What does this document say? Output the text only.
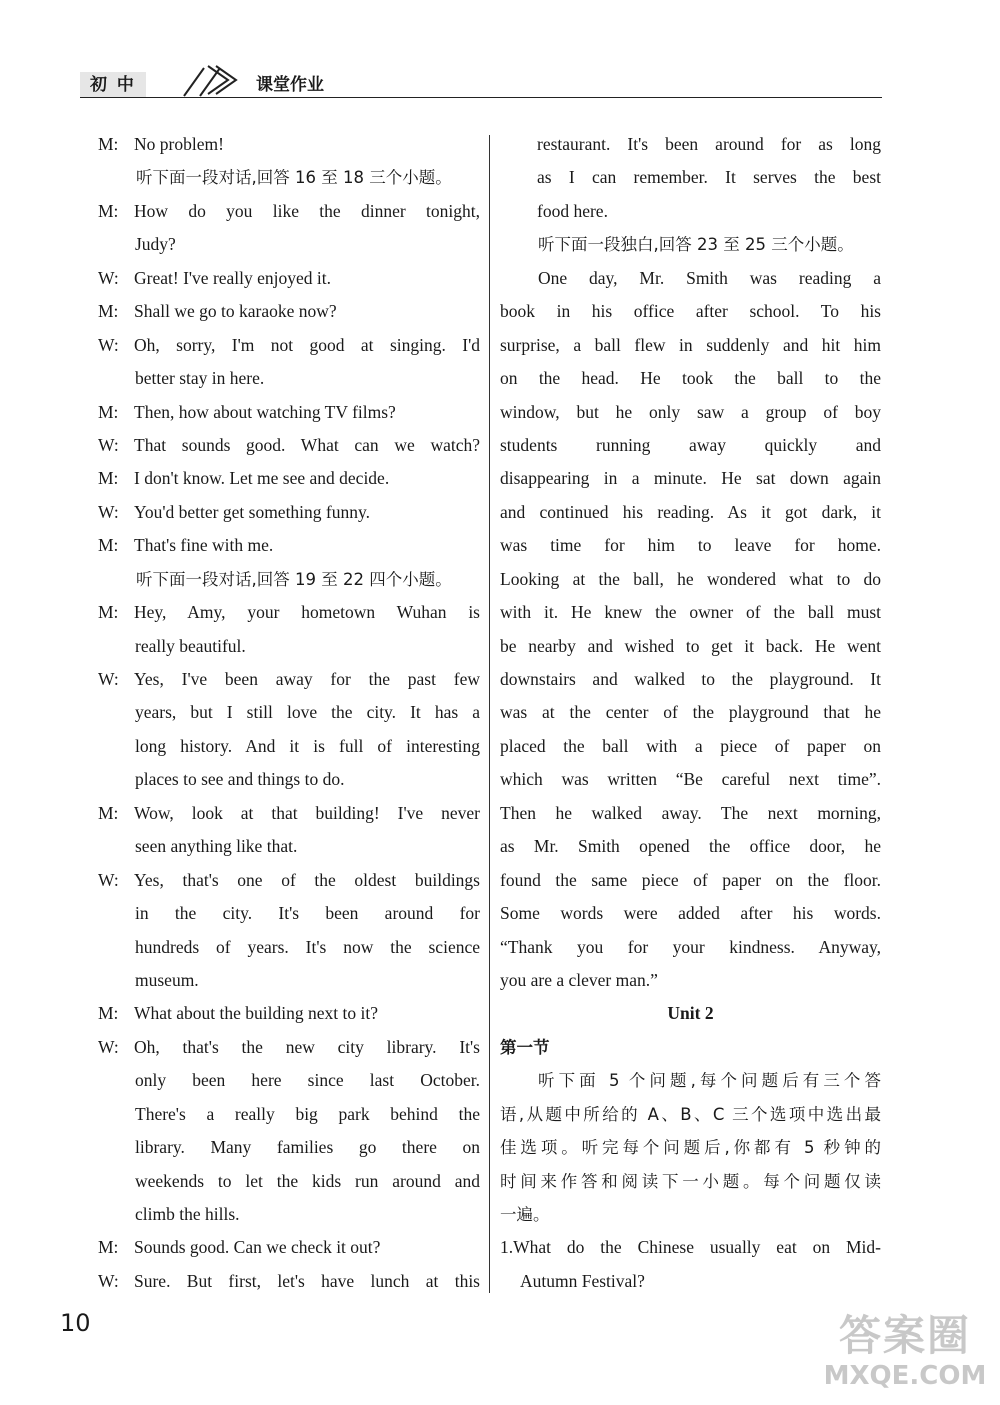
初 中	课堂作业
M: No problem!
听下面一段对话,回答 16 至 18 三个小题。
M: How do you like the dinner tonight,
Judy?
W: Great! I've really enjoyed it.
M: Shall we go to karaoke now?
W: Oh, sorry, I'm not good at singing. I'd
better stay in here.
M: Then, how about watching TV films?
W: That sounds good. What can we watch?
M: I don't know. Let me see and decide.
W: You'd better get something funny.
M: That's fine with me.
听下面一段对话,回答 19 至 22 四个小题。
M: Hey, Amy, your hometown Wuhan is
really beautiful.
W: Yes, I've been away for the past few
years, but I still love the city. It has a
long history. And it is full of interesting
places to see and things to do.
M: Wow, look at that building! I've never
seen anything like that.
W: Yes, that's one of the oldest buildings
in the city. It's been around for
hundreds of years. It's now the science
museum.
M: What about the building next to it?
W: Oh, that's the new city library. It's
only been here since last October.
There's a really big park behind the
library. Many families go there on
weekends to let the kids run around and
climb the hills.
M: Sounds good. Can we check it out?
W: Sure. But first, let's have lunch at this
restaurant. It's been around for as long
as I can remember. It serves the best
food here.
听下面一段独白,回答 23 至 25 三个小题。
One day, Mr. Smith was reading a
book in his office after school. To his
surprise, a ball flew in suddenly and hit him
on the head. He took the ball to the
window, but he only saw a group of boy
students running away quickly and
disappearing in a minute. He sat down again
and continued his reading. As it got dark, it
was time for him to leave for home.
Looking at the ball, he wondered what to do
with it. He knew the owner of the ball must
be nearby and wished to get it back. He went
downstairs and walked to the playground. It
was at the center of the playground that he
placed the ball with a piece of paper on
which was written “Be careful next time”.
Then he walked away. The next morning,
as Mr. Smith opened the office door, he
found the same piece of paper on the floor.
Some words were added after his words.
“Thank you for your kindness. Anyway,
you are a clever man.”
Unit 2
第一节
听下面 5 个问题,每个问题后有三个答
语,从题中所给的 A、B、C 三个选项中选出最
佳选项。听完每个问题后,你都有 5 秒钟的
时间来作答和阅读下一小题。每个问题仅读
一遍。
1.What do the Chinese usually eat on Mid-
Autumn Festival?
10	答案圈
MXQE.COM
